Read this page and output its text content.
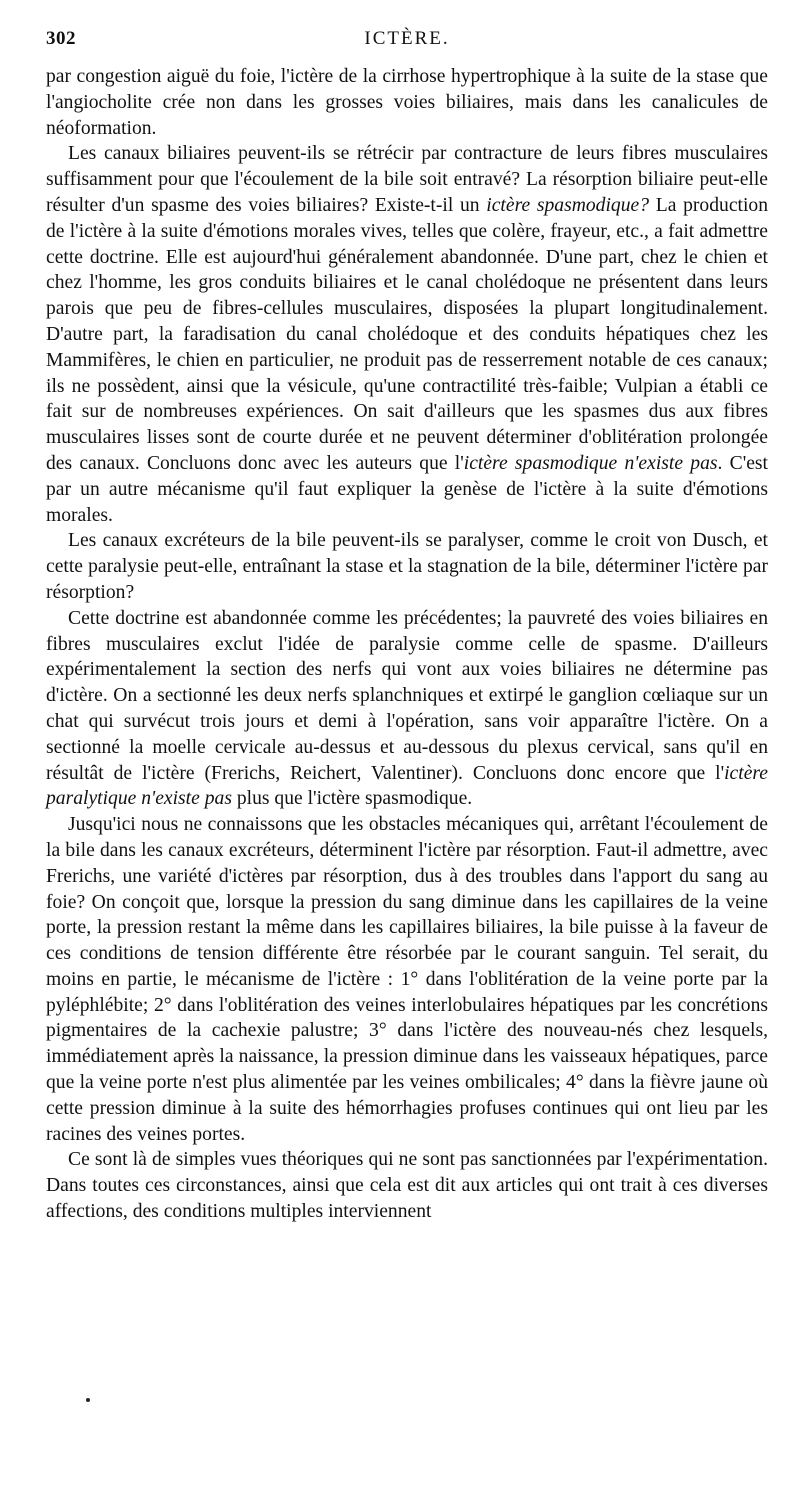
302	ICTÈRE.

par congestion aiguë du foie, l'ictère de la cirrhose hypertrophique à la suite de la stase que l'angiocholite crée non dans les grosses voies biliaires, mais dans les canalicules de néoformation.

Les canaux biliaires peuvent-ils se rétrécir par contracture de leurs fibres musculaires suffisamment pour que l'écoulement de la bile soit entravé? La résorption biliaire peut-elle résulter d'un spasme des voies biliaires? Existe-t-il un ictère spasmodique? La production de l'ictère à la suite d'émotions morales vives, telles que colère, frayeur, etc., a fait admettre cette doctrine. Elle est aujourd'hui généralement abandonnée. D'une part, chez le chien et chez l'homme, les gros conduits biliaires et le canal cholédoque ne présentent dans leurs parois que peu de fibres-cellules musculaires, disposées la plupart longitudinalement. D'autre part, la faradisation du canal cholédoque et des conduits hépatiques chez les Mammifères, le chien en particulier, ne produit pas de resserrement notable de ces canaux; ils ne possèdent, ainsi que la vésicule, qu'une contractilité très-faible; Vulpian a établi ce fait sur de nombreuses expériences. On sait d'ailleurs que les spasmes dus aux fibres musculaires lisses sont de courte durée et ne peuvent déterminer d'oblitération prolongée des canaux. Concluons donc avec les auteurs que l'ictère spasmodique n'existe pas. C'est par un autre mécanisme qu'il faut expliquer la genèse de l'ictère à la suite d'émotions morales.

Les canaux excréteurs de la bile peuvent-ils se paralyser, comme le croit von Dusch, et cette paralysie peut-elle, entraînant la stase et la stagnation de la bile, déterminer l'ictère par résorption?

Cette doctrine est abandonnée comme les précédentes; la pauvreté des voies biliaires en fibres musculaires exclut l'idée de paralysie comme celle de spasme. D'ailleurs expérimentalement la section des nerfs qui vont aux voies biliaires ne détermine pas d'ictère. On a sectionné les deux nerfs splanchniques et extirpé le ganglion cœliaque sur un chat qui survécut trois jours et demi à l'opération, sans voir apparaître l'ictère. On a sectionné la moelle cervicale au-dessus et au-dessous du plexus cervical, sans qu'il en résultât de l'ictère (Frerichs, Reichert, Valentiner). Concluons donc encore que l'ictère paralytique n'existe pas plus que l'ictère spasmodique.

Jusqu'ici nous ne connaissons que les obstacles mécaniques qui, arrêtant l'écoulement de la bile dans les canaux excréteurs, déterminent l'ictère par résorption. Faut-il admettre, avec Frerichs, une variété d'ictères par résorption, dus à des troubles dans l'apport du sang au foie? On conçoit que, lorsque la pression du sang diminue dans les capillaires de la veine porte, la pression restant la même dans les capillaires biliaires, la bile puisse à la faveur de ces conditions de tension différente être résorbée par le courant sanguin. Tel serait, du moins en partie, le mécanisme de l'ictère : 1° dans l'oblitération de la veine porte par la pyléphlébite; 2° dans l'oblitération des veines interlobulaires hépatiques par les concrétions pigmentaires de la cachexie palustre; 3° dans l'ictère des nouveau-nés chez lesquels, immédiatement après la naissance, la pression diminue dans les vaisseaux hépatiques, parce que la veine porte n'est plus alimentée par les veines ombilicales; 4° dans la fièvre jaune où cette pression diminue à la suite des hémorrhagies profuses continues qui ont lieu par les racines des veines portes.

Ce sont là de simples vues théoriques qui ne sont pas sanctionnées par l'expérimentation. Dans toutes ces circonstances, ainsi que cela est dit aux articles qui ont trait à ces diverses affections, des conditions multiples interviennent
